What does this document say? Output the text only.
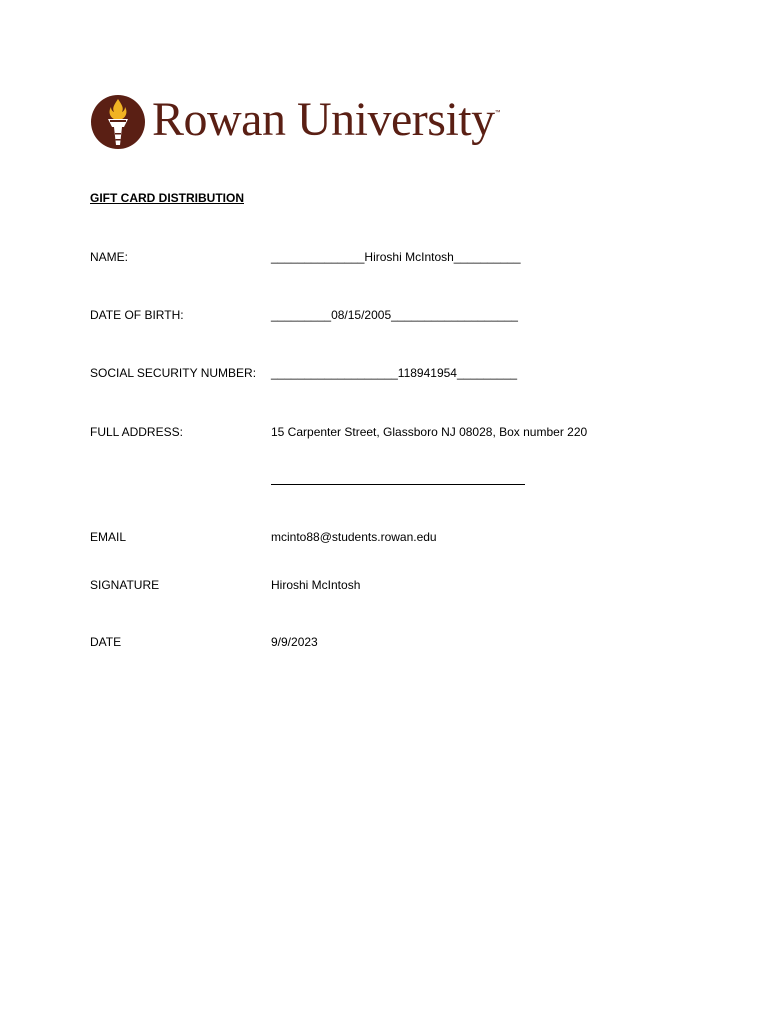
Rowan University™
GIFT CARD DISTRIBUTION
NAME:	______________Hiroshi McIntosh__________
DATE OF BIRTH:	_________08/15/2005___________________
SOCIAL SECURITY NUMBER: ___________________118941954_________
FULL ADDRESS:	15 Carpenter Street, Glassboro NJ 08028, Box number 220
EMAIL	mcinto88@students.rowan.edu
SIGNATURE	Hiroshi McIntosh
DATE	9/9/2023
